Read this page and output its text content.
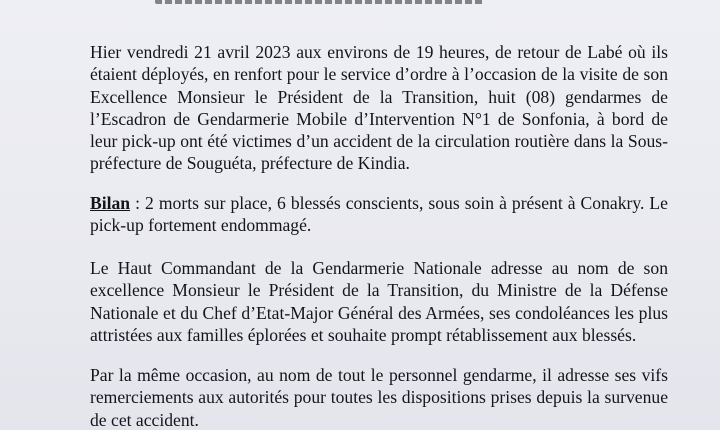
Hier vendredi 21 avril 2023 aux environs de 19 heures, de retour de Labé où ils étaient déployés, en renfort pour le service d’ordre à l’occasion de la visite de son Excellence Monsieur le Président de la Transition, huit (08) gendarmes de l’Escadron de Gendarmerie Mobile d’Intervention N°1 de Sonfonia, à bord de leur pick-up ont été victimes d’un accident de la circulation routière dans la Sous-préfecture de Souguéta, préfecture de Kindia.

Bilan : 2 morts sur place, 6 blessés conscients, sous soin à présent à Conakry. Le pick-up fortement endommagé.

Le Haut Commandant de la Gendarmerie Nationale adresse au nom de son excellence Monsieur le Président de la Transition, du Ministre de la Défense Nationale et du Chef d’Etat-Major Général des Armées, ses condoléances les plus attristées aux familles éplorées et souhaite prompt rétablissement aux blessés.

Par la même occasion, au nom de tout le personnel gendarme, il adresse ses vifs remerciements aux autorités pour toutes les dispositions prises depuis la survenue de cet accident.
